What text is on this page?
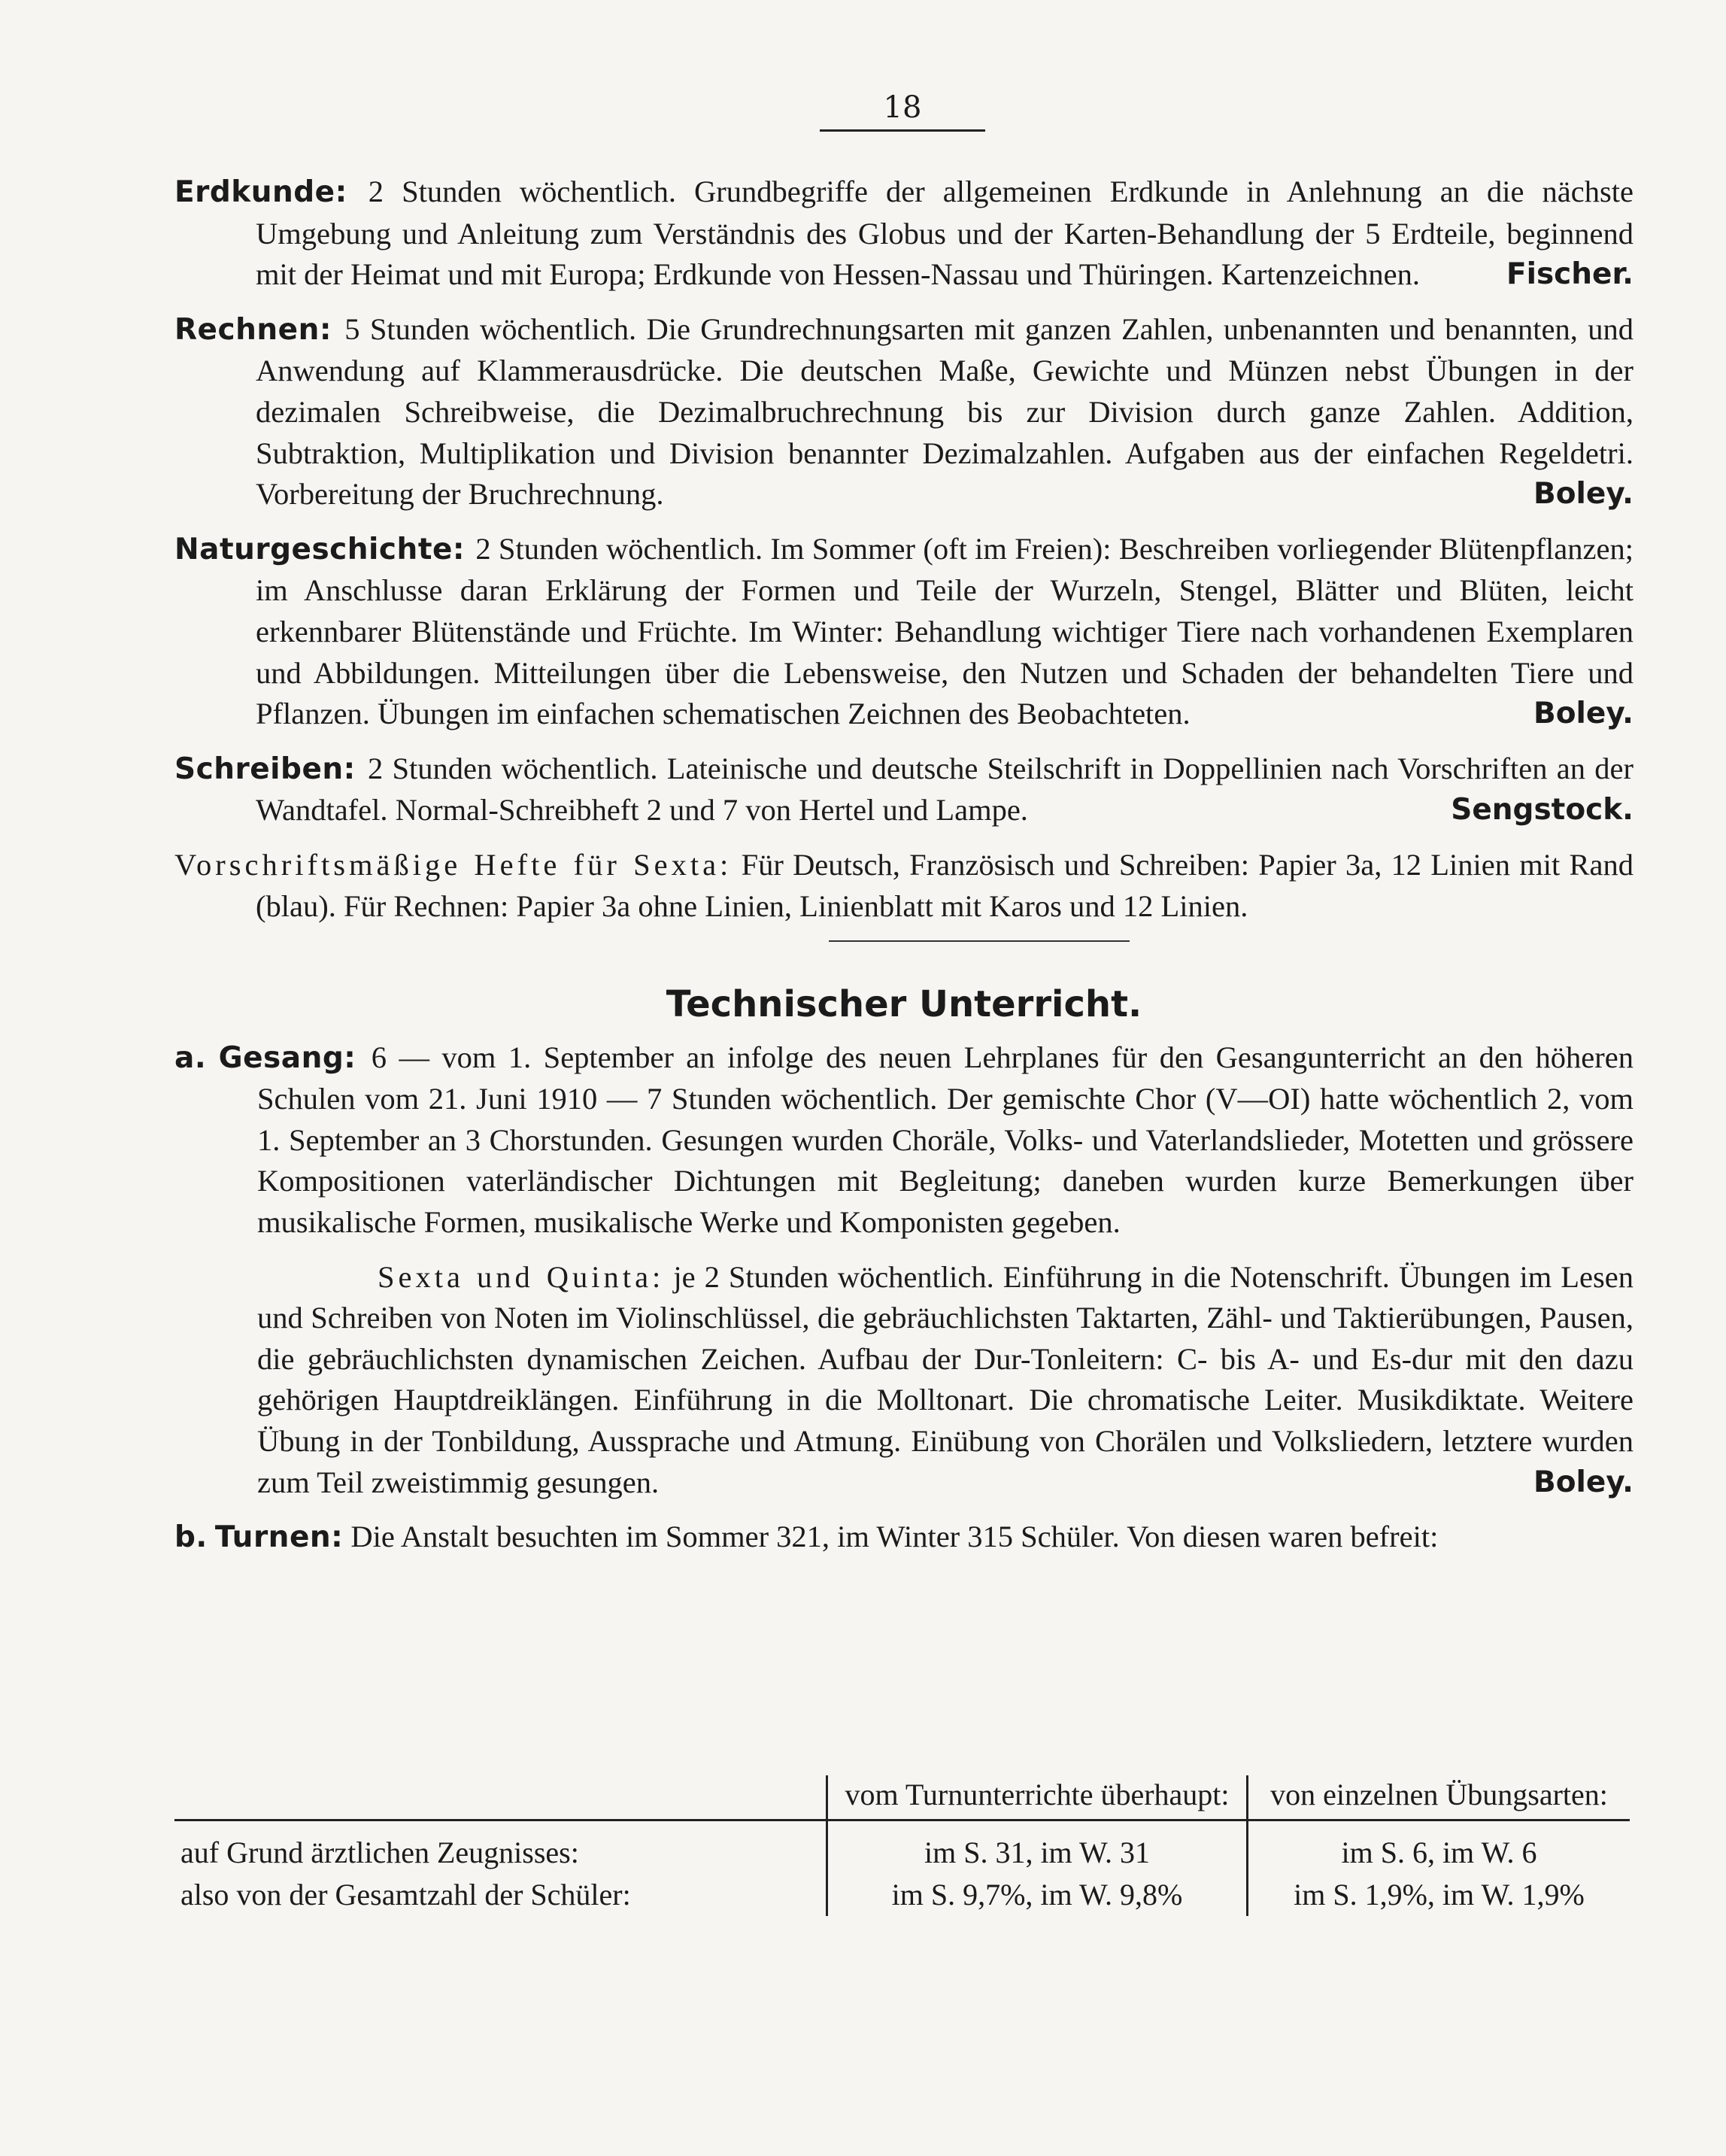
18
Erdkunde: 2 Stunden wöchentlich. Grundbegriffe der allgemeinen Erdkunde in Anlehnung an die nächste Umgebung und Anleitung zum Verständnis des Globus und der Karten-Behandlung der 5 Erdteile, beginnend mit der Heimat und mit Europa; Erdkunde von Hessen-Nassau und Thüringen. Kartenzeichnen.	Fischer.
Rechnen: 5 Stunden wöchentlich. Die Grundrechnungsarten mit ganzen Zahlen, unbenannten und benannten, und Anwendung auf Klammerausdrücke. Die deutschen Maße, Gewichte und Münzen nebst Übungen in der dezimalen Schreibweise, die Dezimalbruchrechnung bis zur Division durch ganze Zahlen. Addition, Subtraktion, Multiplikation und Division benannter Dezimalzahlen. Aufgaben aus der einfachen Regeldetri. Vorbereitung der Bruchrechnung.	Boley.
Naturgeschichte: 2 Stunden wöchentlich. Im Sommer (oft im Freien): Beschreiben vorliegender Blütenpflanzen; im Anschlusse daran Erklärung der Formen und Teile der Wurzeln, Stengel, Blätter und Blüten, leicht erkennbarer Blütenstände und Früchte. Im Winter: Behandlung wichtiger Tiere nach vorhandenen Exemplaren und Abbildungen. Mitteilungen über die Lebensweise, den Nutzen und Schaden der behandelten Tiere und Pflanzen. Übungen im einfachen schematischen Zeichnen des Beobachteten.	Boley.
Schreiben: 2 Stunden wöchentlich. Lateinische und deutsche Steilschrift in Doppellinien nach Vorschriften an der Wandtafel. Normal-Schreibheft 2 und 7 von Hertel und Lampe.	Sengstock.
Vorschriftsmäßige Hefte für Sexta: Für Deutsch, Französisch und Schreiben: Papier 3a, 12 Linien mit Rand (blau). Für Rechnen: Papier 3a ohne Linien, Linienblatt mit Karos und 12 Linien.
Technischer Unterricht.
a. Gesang: 6 — vom 1. September an infolge des neuen Lehrplanes für den Gesangunterricht an den höheren Schulen vom 21. Juni 1910 — 7 Stunden wöchentlich. Der gemischte Chor (V—OI) hatte wöchentlich 2, vom 1. September an 3 Chorstunden. Gesungen wurden Choräle, Volks- und Vaterlandslieder, Motetten und grössere Kompositionen vaterländischer Dichtungen mit Begleitung; daneben wurden kurze Bemerkungen über musikalische Formen, musikalische Werke und Komponisten gegeben.
Sexta und Quinta: je 2 Stunden wöchentlich. Einführung in die Notenschrift. Übungen im Lesen und Schreiben von Noten im Violinschlüssel, die gebräuchlichsten Taktarten, Zähl- und Taktierübungen, Pausen, die gebräuchlichsten dynamischen Zeichen. Aufbau der Dur-Tonleitern: C- bis A- und Es-dur mit den dazu gehörigen Hauptdreiklängen. Einführung in die Molltonart. Die chromatische Leiter. Musikdiktate. Weitere Übung in der Tonbildung, Aussprache und Atmung. Einübung von Chorälen und Volksliedern, letztere wurden zum Teil zweistimmig gesungen.	Boley.
b. Turnen: Die Anstalt besuchten im Sommer 321, im Winter 315 Schüler. Von diesen waren befreit:
	vom Turnunterrichte überhaupt:	von einzelnen Übungsarten:
auf Grund ärztlichen Zeugnisses:	im S. 31, im W. 31	im S. 6, im W. 6
also von der Gesamtzahl der Schüler:	im S. 9,7%, im W. 9,8%	im S. 1,9%, im W. 1,9%
